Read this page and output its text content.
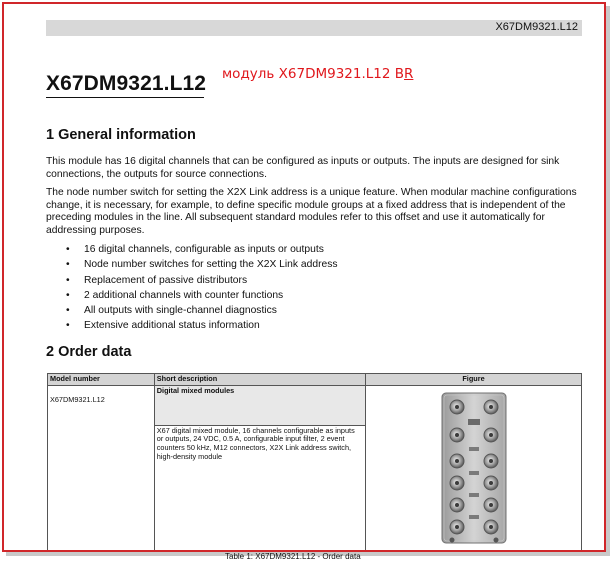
X67DM9321.L12
X67DM9321.L12 модуль X67DM9321.L12 BR
1 General information
This module has 16 digital channels that can be configured as inputs or outputs. The inputs are designed for sink connections, the outputs for source connections.
The node number switch for setting the X2X Link address is a unique feature. When modular machine configurations change, it is necessary, for example, to define specific module groups at a fixed address that is independent of the preceding modules in the line. All subsequent standard modules refer to this offset and use it automatically for addressing purposes.
• 16 digital channels, configurable as inputs or outputs
• Node number switches for setting the X2X Link address
• Replacement of passive distributors
• 2 additional channels with counter functions
• All outputs with single-channel diagnostics
• Extensive additional status information
2 Order data
Model number	Short description	Figure

X67DM9321.L12	Digital mixed modules	

	X67 digital mixed module, 16 channels configurable as inputs or outputs, 24 VDC, 0.5 A, configurable input filter, 2 event counters 50 kHz, M12 connectors, X2X Link address switch, high-density module	
Table 1: X67DM9321.L12 - Order data
